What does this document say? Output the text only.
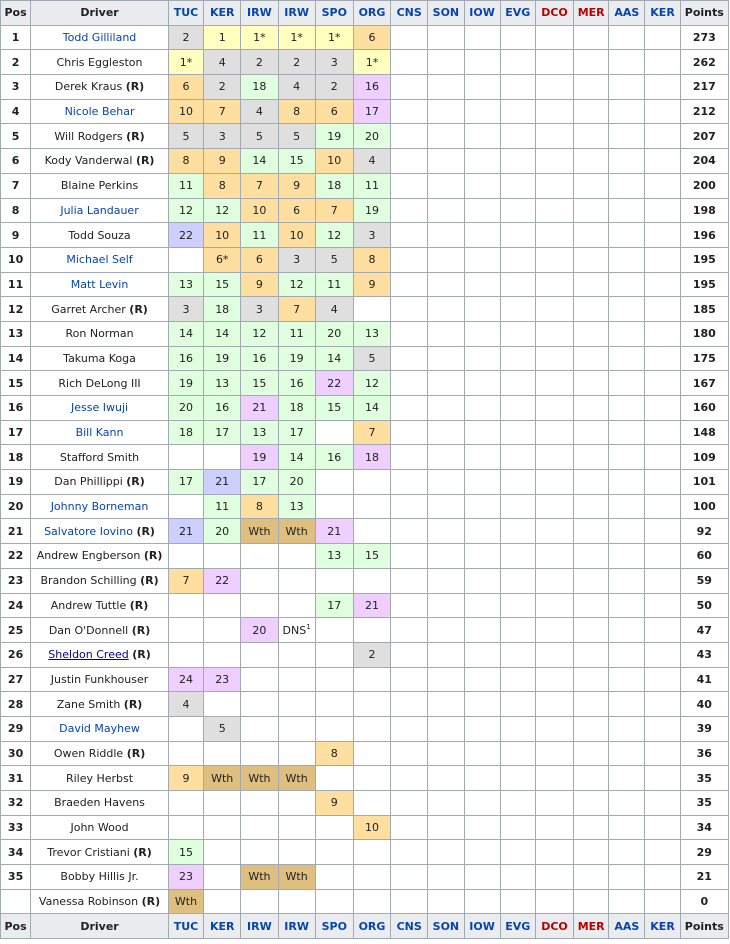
Pos	Driver	TUC	KER	IRW	IRW	SPO	ORG	CNS	SON	IOW	EVG	DCO	MER	AAS	KER	Points
1	Todd Gilliland	2	1	1*	1*	1*	6									273
2	Chris Eggleston	1*	4	2	2	3	1*									262
3	Derek Kraus (R)	6	2	18	4	2	16									217
4	Nicole Behar	10	7	4	8	6	17									212
5	Will Rodgers (R)	5	3	5	5	19	20									207
6	Kody Vanderwal (R)	8	9	14	15	10	4									204
7	Blaine Perkins	11	8	7	9	18	11									200
8	Julia Landauer	12	12	10	6	7	19									198
9	Todd Souza	22	10	11	10	12	3									196
10	Michael Self		6*	6	3	5	8									195
11	Matt Levin	13	15	9	12	11	9									195
12	Garret Archer (R)	3	18	3	7	4										185
13	Ron Norman	14	14	12	11	20	13									180
14	Takuma Koga	16	19	16	19	14	5									175
15	Rich DeLong III	19	13	15	16	22	12									167
16	Jesse Iwuji	20	16	21	18	15	14									160
17	Bill Kann	18	17	13	17		7									148
18	Stafford Smith			19	14	16	18									109
19	Dan Phillippi (R)	17	21	17	20											101
20	Johnny Borneman		11	8	13											100
21	Salvatore Iovino (R)	21	20	Wth	Wth	21										92
22	Andrew Engberson (R)					13	15									60
23	Brandon Schilling (R)	7	22													59
24	Andrew Tuttle (R)					17	21									50
25	Dan O'Donnell (R)			20	DNS$^1$											47
26	Sheldon Creed (R)						2									43
27	Justin Funkhouser	24	23													41
28	Zane Smith (R)	4														40
29	David Mayhew		5													39
30	Owen Riddle (R)					8										36
31	Riley Herbst	9	Wth	Wth	Wth											35
32	Braeden Havens					9										35
33	John Wood						10									34
34	Trevor Cristiani (R)	15														29
35	Bobby Hillis Jr.	23		Wth	Wth											21
	Vanessa Robinson (R)	Wth														0
Pos	Driver	TUC	KER	IRW	IRW	SPO	ORG	CNS	SON	IOW	EVG	DCO	MER	AAS	KER	Points
